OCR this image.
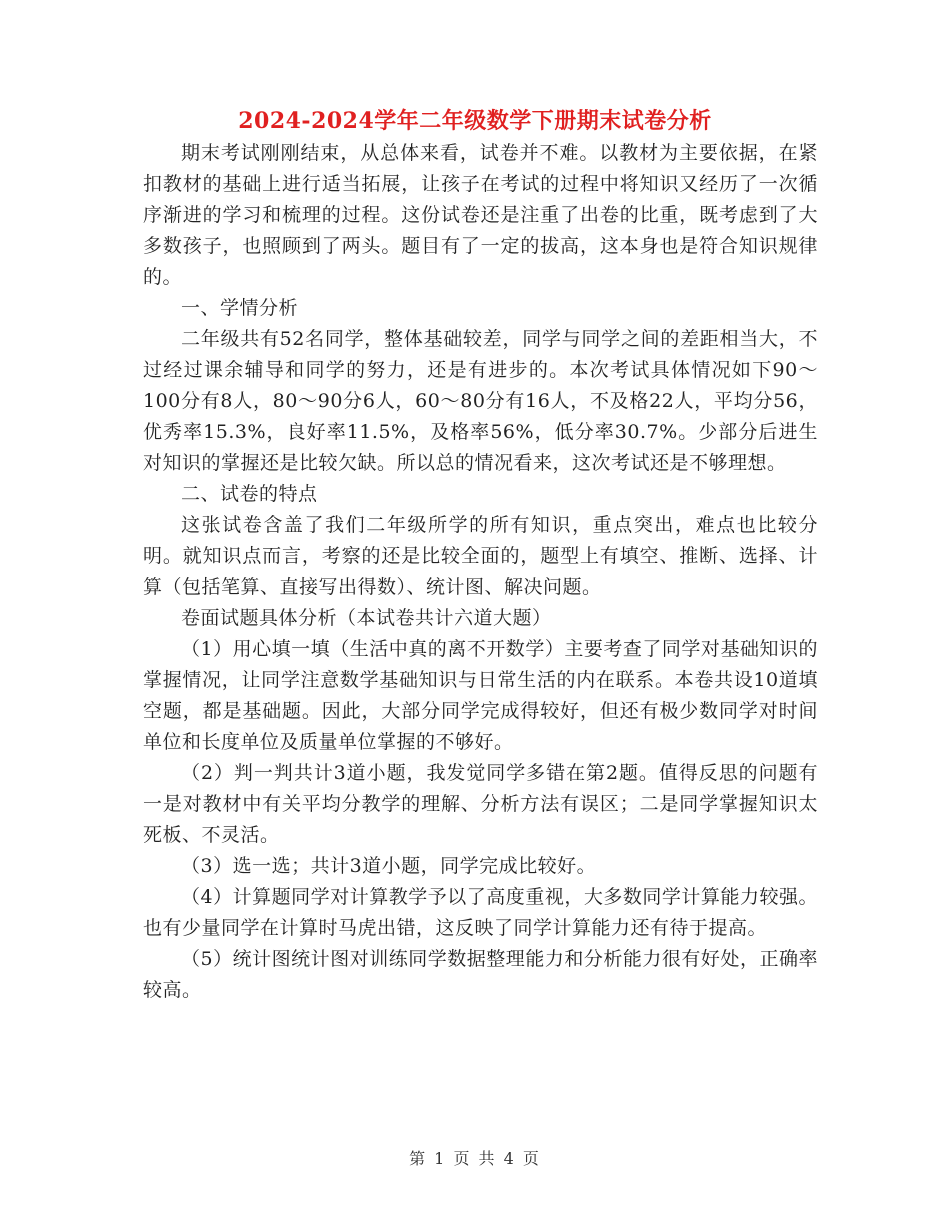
2024-2024学年二年级数学下册期末试卷分析

期末考试刚刚结束，从总体来看，试卷并不难。以教材为主要依据，在紧扣教材的基础上进行适当拓展，让孩子在考试的过程中将知识又经历了一次循序渐进的学习和梳理的过程。这份试卷还是注重了出卷的比重，既考虑到了大多数孩子，也照顾到了两头。题目有了一定的拔高，这本身也是符合知识规律的。

一、学情分析

二年级共有52名同学，整体基础较差，同学与同学之间的差距相当大，不过经过课余辅导和同学的努力，还是有进步的。本次考试具体情况如下90～100分有8人，80～90分6人，60～80分有16人，不及格22人，平均分56，优秀率15.3%，良好率11.5%，及格率56%，低分率30.7%。少部分后进生对知识的掌握还是比较欠缺。所以总的情况看来，这次考试还是不够理想。

二、试卷的特点

这张试卷含盖了我们二年级所学的所有知识，重点突出，难点也比较分明。就知识点而言，考察的还是比较全面的，题型上有填空、推断、选择、计算（包括笔算、直接写出得数）、统计图、解决问题。

卷面试题具体分析（本试卷共计六道大题）

（1）用心填一填（生活中真的离不开数学）主要考查了同学对基础知识的掌握情况，让同学注意数学基础知识与日常生活的内在联系。本卷共设10道填空题，都是基础题。因此，大部分同学完成得较好，但还有极少数同学对时间单位和长度单位及质量单位掌握的不够好。

（2）判一判共计3道小题，我发觉同学多错在第2题。值得反思的问题有一是对教材中有关平均分教学的理解、分析方法有误区；二是同学掌握知识太死板、不灵活。

（3）选一选；共计3道小题，同学完成比较好。

（4）计算题同学对计算教学予以了高度重视，大多数同学计算能力较强。也有少量同学在计算时马虎出错，这反映了同学计算能力还有待于提高。

（5）统计图统计图对训练同学数据整理能力和分析能力很有好处，正确率较高。

第 1 页 共 4 页
